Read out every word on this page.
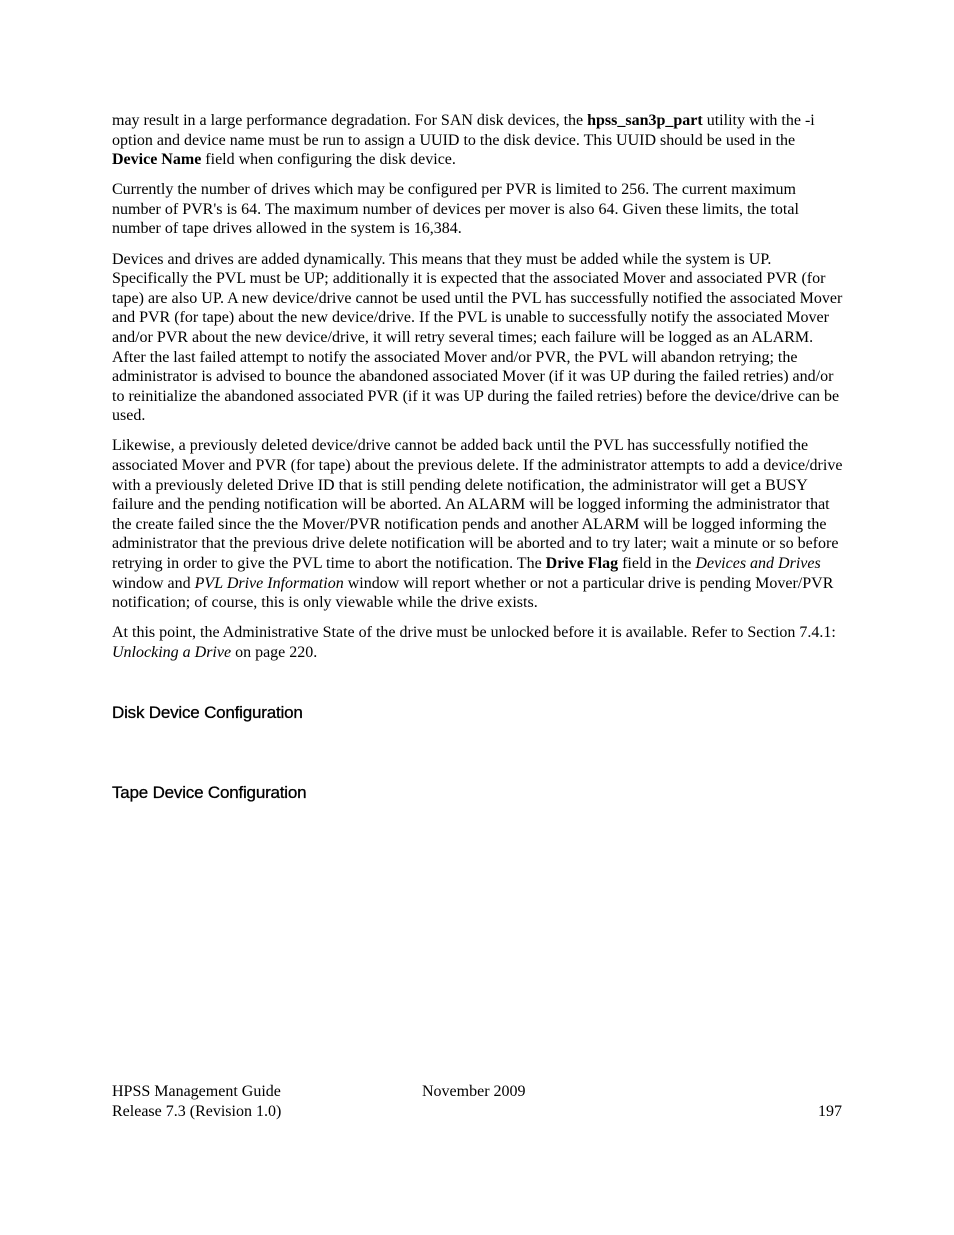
may result in a large performance degradation. For SAN disk devices, the hpss_san3p_part utility with the -i option and device name must be run to assign a UUID to the disk device. This UUID should be used in the Device Name field when configuring the disk device.

Currently the number of drives which may be configured per PVR is limited to 256. The current maximum number of PVR's is 64. The maximum number of devices per mover is also 64. Given these limits, the total number of tape drives allowed in the system is 16,384.

Devices and drives are added dynamically. This means that they must be added while the system is UP. Specifically the PVL must be UP; additionally it is expected that the associated Mover and associated PVR (for tape) are also UP. A new device/drive cannot be used until the PVL has successfully notified the associated Mover and PVR (for tape) about the new device/drive. If the PVL is unable to successfully notify the associated Mover and/or PVR about the new device/drive, it will retry several times; each failure will be logged as an ALARM. After the last failed attempt to notify the associated Mover and/or PVR, the PVL will abandon retrying; the administrator is advised to bounce the abandoned associated Mover (if it was UP during the failed retries) and/or to reinitialize the abandoned associated PVR (if it was UP during the failed retries) before the device/drive can be used.

Likewise, a previously deleted device/drive cannot be added back until the PVL has successfully notified the associated Mover and PVR (for tape) about the previous delete. If the administrator attempts to add a device/drive with a previously deleted Drive ID that is still pending delete notification, the administrator will get a BUSY failure and the pending notification will be aborted. An ALARM will be logged informing the administrator that the create failed since the the Mover/PVR notification pends and another ALARM will be logged informing the administrator that the previous drive delete notification will be aborted and to try later; wait a minute or so before retrying in order to give the PVL time to abort the notification. The Drive Flag field in the Devices and Drives window and PVL Drive Information window will report whether or not a particular drive is pending Mover/PVR notification; of course, this is only viewable while the drive exists.

At this point, the Administrative State of the drive must be unlocked before it is available. Refer to Section 7.4.1: Unlocking a Drive on page 220.

Disk Device Configuration
Tape Device Configuration
HPSS Management Guide	November 2009
Release 7.3 (Revision 1.0)	197
